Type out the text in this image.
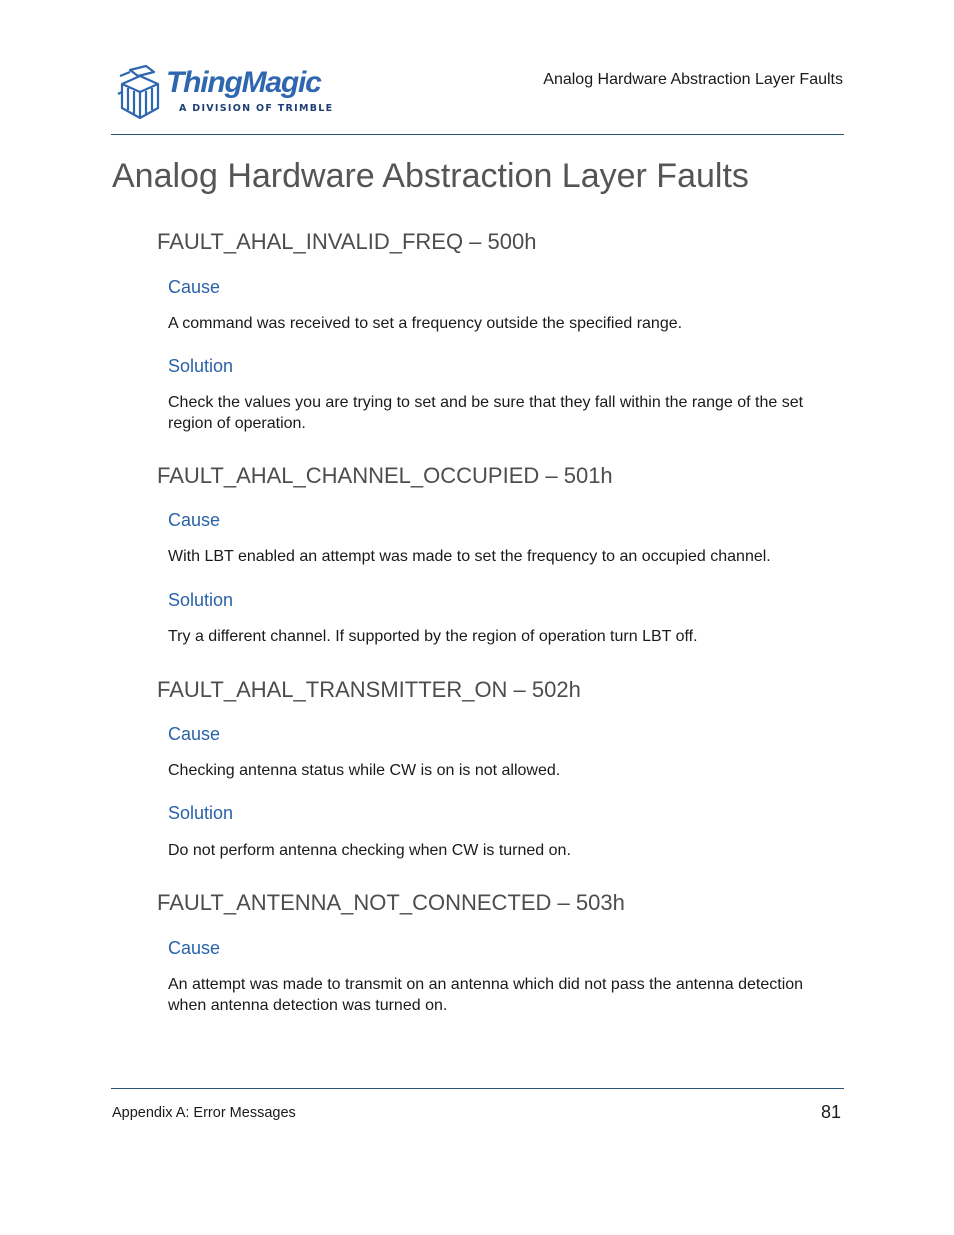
ThingMagic
A DIVISION OF TRIMBLE
Analog Hardware Abstraction Layer Faults
Analog Hardware Abstraction Layer Faults
FAULT_AHAL_INVALID_FREQ – 500h
Cause

A command was received to set a frequency outside the specified range.

Solution

Check the values you are trying to set and be sure that they fall within the range of the set region of operation.

FAULT_AHAL_CHANNEL_OCCUPIED – 501h
Cause

With LBT enabled an attempt was made to set the frequency to an occupied channel.

Solution

Try a different channel. If supported by the region of operation turn LBT off.

FAULT_AHAL_TRANSMITTER_ON – 502h
Cause

Checking antenna status while CW is on is not allowed.

Solution

Do not perform antenna checking when CW is turned on.

FAULT_ANTENNA_NOT_CONNECTED – 503h
Cause

An attempt was made to transmit on an antenna which did not pass the antenna detection when antenna detection was turned on.

Appendix A: Error Messages	81
